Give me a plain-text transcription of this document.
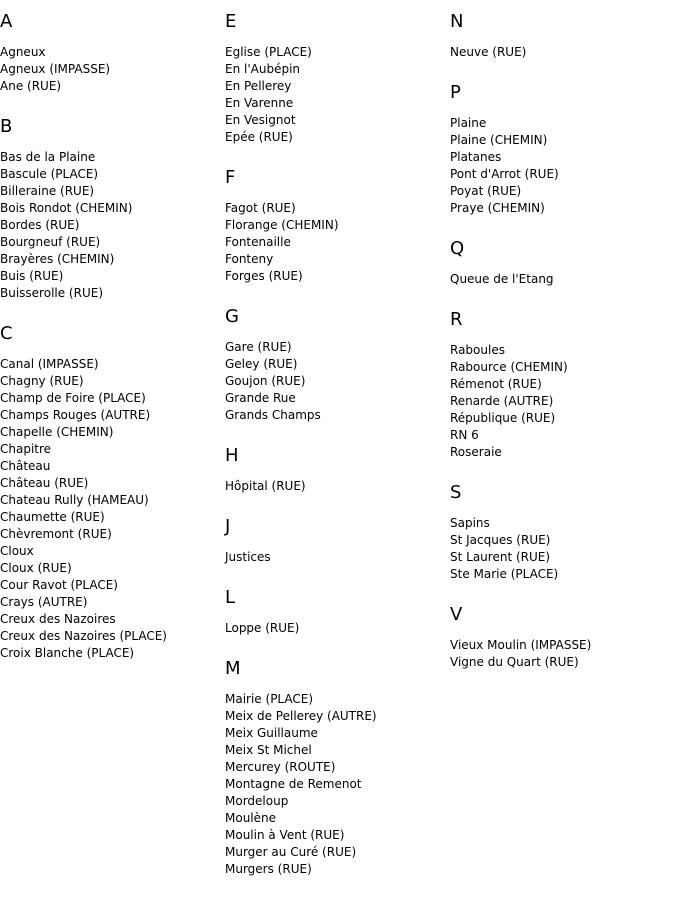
A
Agneux
Agneux (IMPASSE)
Ane (RUE)
B
Bas de la Plaine
Bascule (PLACE)
Billeraine (RUE)
Bois Rondot (CHEMIN)
Bordes (RUE)
Bourgneuf (RUE)
Brayères (CHEMIN)
Buis (RUE)
Buisserolle (RUE)
C
Canal (IMPASSE)
Chagny (RUE)
Champ de Foire (PLACE)
Champs Rouges (AUTRE)
Chapelle (CHEMIN)
Chapitre
Château
Château (RUE)
Chateau Rully (HAMEAU)
Chaumette (RUE)
Chèvremont (RUE)
Cloux
Cloux (RUE)
Cour Ravot (PLACE)
Crays (AUTRE)
Creux des Nazoires
Creux des Nazoires (PLACE)
Croix Blanche (PLACE)
E
Eglise (PLACE)
En l'Aubépin
En Pellerey
En Varenne
En Vesignot
Epée (RUE)
F
Fagot (RUE)
Florange (CHEMIN)
Fontenaille
Fonteny
Forges (RUE)
G
Gare (RUE)
Geley (RUE)
Goujon (RUE)
Grande Rue
Grands Champs
H
Hôpital (RUE)
J
Justices
L
Loppe (RUE)
M
Mairie (PLACE)
Meix de Pellerey (AUTRE)
Meix Guillaume
Meix St Michel
Mercurey (ROUTE)
Montagne de Remenot
Mordeloup
Moulène
Moulin à Vent (RUE)
Murger au Curé (RUE)
Murgers (RUE)
N
Neuve (RUE)
P
Plaine
Plaine (CHEMIN)
Platanes
Pont d'Arrot (RUE)
Poyat (RUE)
Praye (CHEMIN)
Q
Queue de l'Etang
R
Raboules
Rabource (CHEMIN)
Rémenot (RUE)
Renarde (AUTRE)
République (RUE)
RN 6
Roseraie
S
Sapins
St Jacques (RUE)
St Laurent (RUE)
Ste Marie (PLACE)
V
Vieux Moulin (IMPASSE)
Vigne du Quart (RUE)
